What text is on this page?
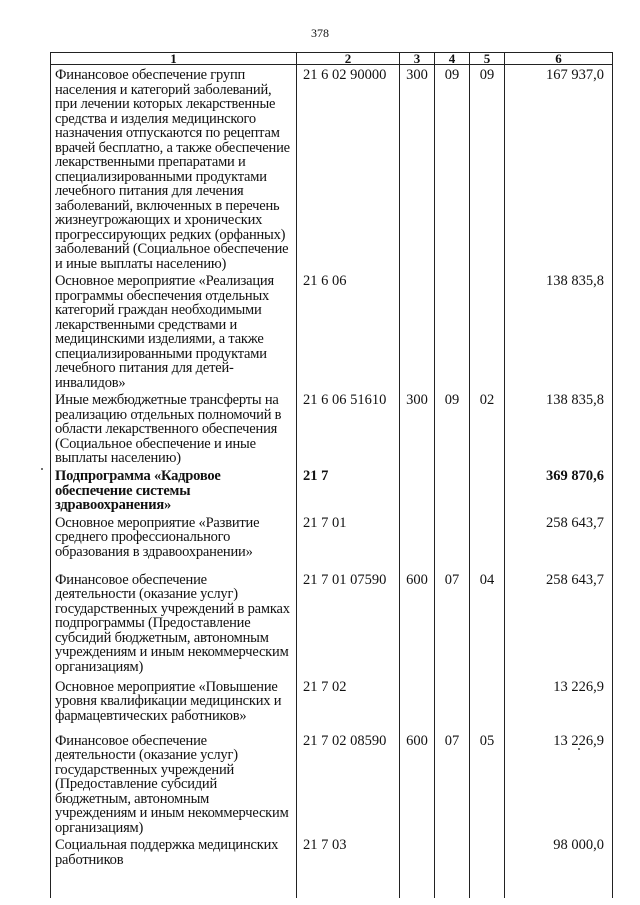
378
1	2	3	4	5	6
Финансовое обеспечение групп населения и категорий заболеваний, при лечении которых лекарственные средства и изделия медицинского назначения отпускаются по рецептам врачей бесплатно, а также обеспечение лекарственными препаратами и специализированными продуктами лечебного питания для лечения заболеваний, включенных в перечень жизнеугрожающих и хронических прогрессирующих редких (орфанных) заболеваний (Социальное обеспечение и иные выплаты населению)	21 6 02 90000	300	09	09	167 937,0
Основное мероприятие «Реализация программы обеспечения отдельных категорий граждан необходимыми лекарственными средствами и медицинскими изделиями, а также специализированными продуктами лечебного питания для детей-инвалидов»	21 6 06				138 835,8
Иные межбюджетные трансферты на реализацию отдельных полномочий в области лекарственного обеспечения (Социальное обеспечение и иные выплаты населению)	21 6 06 51610	300	09	02	138 835,8
Подпрограмма «Кадровое обеспечение системы здравоохранения»	21 7				369 870,6
Основное мероприятие «Развитие среднего профессионального образования в здравоохранении»	21 7 01				258 643,7
Финансовое обеспечение деятельности (оказание услуг) государственных учреждений в рамках подпрограммы (Предоставление субсидий бюджетным, автономным учреждениям и иным некоммерческим организациям)	21 7 01 07590	600	07	04	258 643,7
Основное мероприятие «Повышение уровня квалификации медицинских и фармацевтических работников»	21 7 02				13 226,9
Финансовое обеспечение деятельности (оказание услуг) государственных учреждений (Предоставление субсидий бюджетным, автономным учреждениям и иным некоммерческим организациям)	21 7 02 08590	600	07	05	13 226,9
Социальная поддержка медицинских работников	21 7 03				98 000,0
